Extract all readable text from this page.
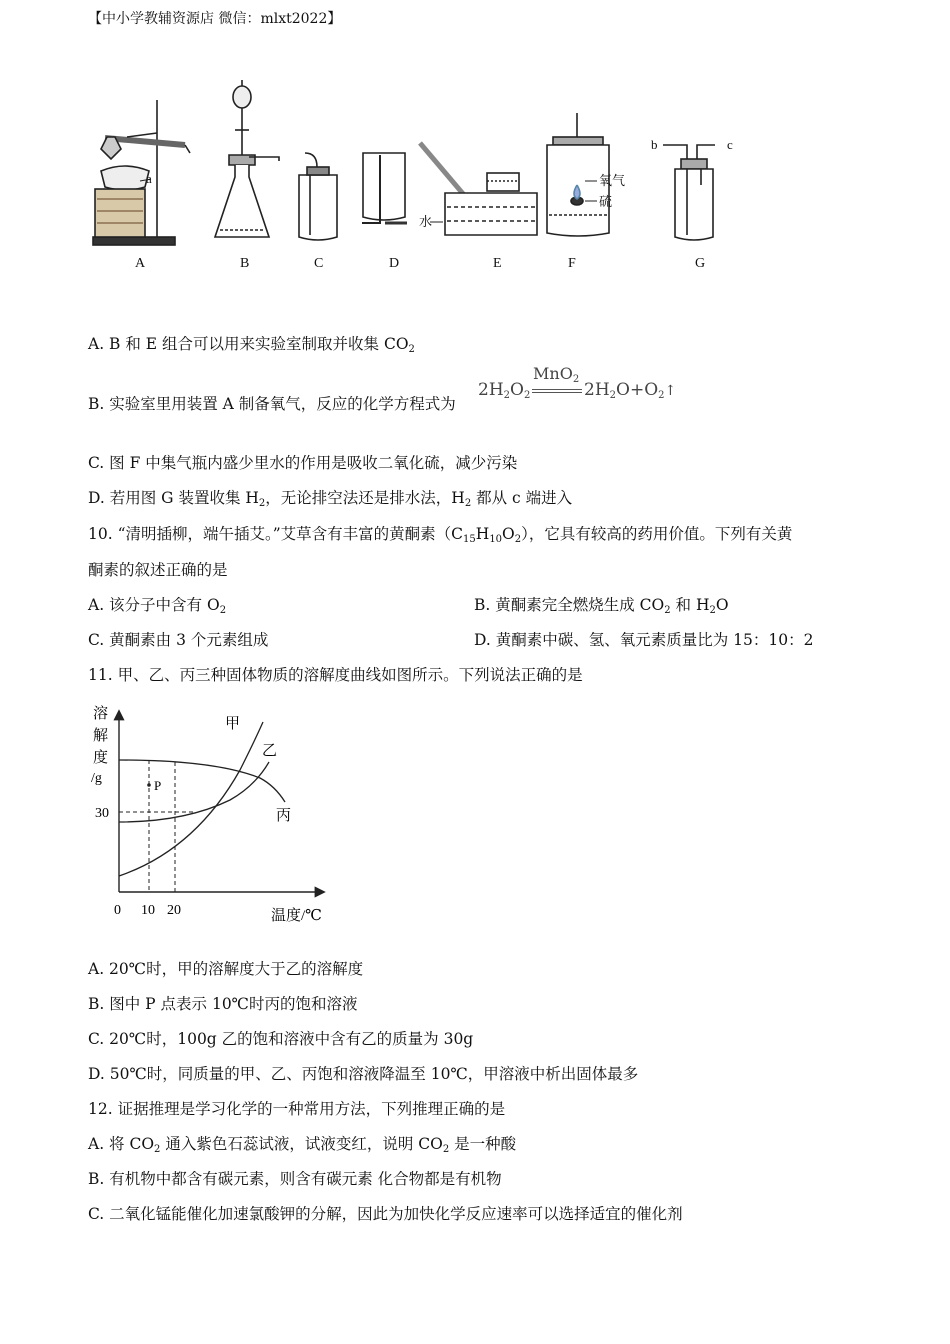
【中小学教辅资源店 微信：mlxt2022】
a
水
氧气
硫
b	c
A	B	C	D	E	F	G
A. B 和 E 组合可以用来实验室制取并收集 $CO_2$
B. 实验室里用装置 A 制备氧气，反应的化学方程式为
$2H_2O_2$
MnO$_2$
$2H_2O+O_2↑$
C. 图 F 中集气瓶内盛少里水的作用是吸收二氧化硫，减少污染
D. 若用图 G 装置收集 $H_2$，无论排空法还是排水法，$H_2$ 都从 c 端进入
10. “清明插柳，端午插艾。”艾草含有丰富的黄酮素$(C_{15}H_{10}O_2)$，它具有较高的药用价值。下列有关黄
酮素的叙述正确的是
A. 该分子中含有 $O_2$	B. 黄酮素完全燃烧生成 $CO_2$ 和 $H_2O$
C. 黄酮素由 3 个元素组成	D. 黄酮素中碳、氢、氧元素质量比为 15：10：2
11. 甲、乙、丙三种固体物质的溶解度曲线如图所示。下列说法正确的是
溶
解
度
/g
30
0 10 20	温度/℃
P
甲
乙
丙
A. 20℃时，甲的溶解度大于乙的溶解度
B. 图中 P 点表示 10℃时丙的饱和溶液
C. 20℃时，100g 乙的饱和溶液中含有乙的质量为 30g
D. 50℃时，同质量的甲、乙、丙饱和溶液降温至 10℃，甲溶液中析出固体最多
12. 证据推理是学习化学的一种常用方法，下列推理正确的是
A. 将 $CO_2$ 通入紫色石蕊试液，试液变红，说明 $CO_2$ 是一种酸
B. 有机物中都含有碳元素，则含有碳元素 化合物都是有机物
C. 二氧化锰能催化加速氯酸钾的分解，因此为加快化学反应速率可以选择适宜的催化剂
